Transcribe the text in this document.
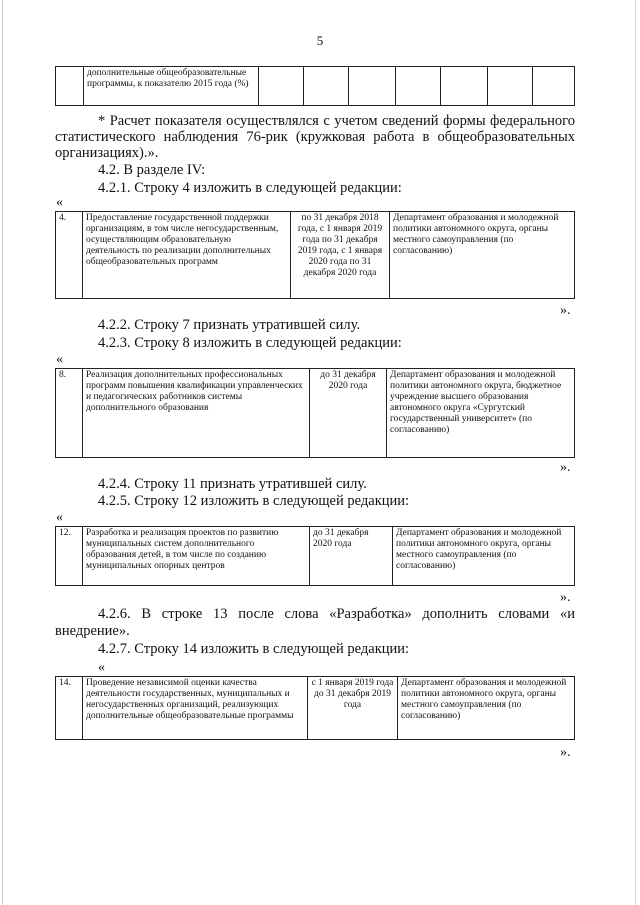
5
	дополнительные общеобразовательные программы, к показателю 2015 года (%)							
* Расчет показателя осуществлялся с учетом сведений формы федерального
статистического наблюдения 76-рик (кружковая работа в общеобразовательных
организациях).».
4.2. В разделе IV:
4.2.1. Строку 4 изложить в следующей редакции:
«
4.	Предоставление государственной поддержки организациям, в том числе негосударственным, осуществляющим образовательную деятельность по реализации дополнительных общеобразовательных программ	по 31 декабря 2018 года, с 1 января 2019 года по 31 декабря 2019 года, с 1 января 2020 года по 31 декабря 2020 года	Департамент образования и молодежной политики автономного округа, органы местного самоуправления (по согласованию)
».
4.2.2. Строку 7 признать утратившей силу.
4.2.3. Строку 8 изложить в следующей редакции:
«
8.	Реализация дополнительных профессиональных программ повышения квалификации управленческих и педагогических работников системы дополнительного образования	до 31 декабря 2020 года	Департамент образования и молодежной политики автономного округа, бюджетное учреждение высшего образования автономного округа «Сургутский государственный университет» (по согласованию)
».
4.2.4. Строку 11 признать утратившей силу.
4.2.5. Строку 12 изложить в следующей редакции:
«
12.	Разработка и реализация проектов по развитию муниципальных систем дополнительного образования детей, в том числе по созданию муниципальных опорных центров	до 31 декабря 2020 года	Департамент образования и молодежной политики автономного округа, органы местного самоуправления (по согласованию)
».
4.2.6. В строке 13 после слова «Разработка» дополнить словами «и
внедрение».
4.2.7. Строку 14 изложить в следующей редакции:
«
14.	Проведение независимой оценки качества деятельности государственных, муниципальных и негосударственных организаций, реализующих дополнительные общеобразовательные программы	с 1 января 2019 года до 31 декабря 2019 года	Департамент образования и молодежной политики автономного округа, органы местного самоуправления (по согласованию)
».
